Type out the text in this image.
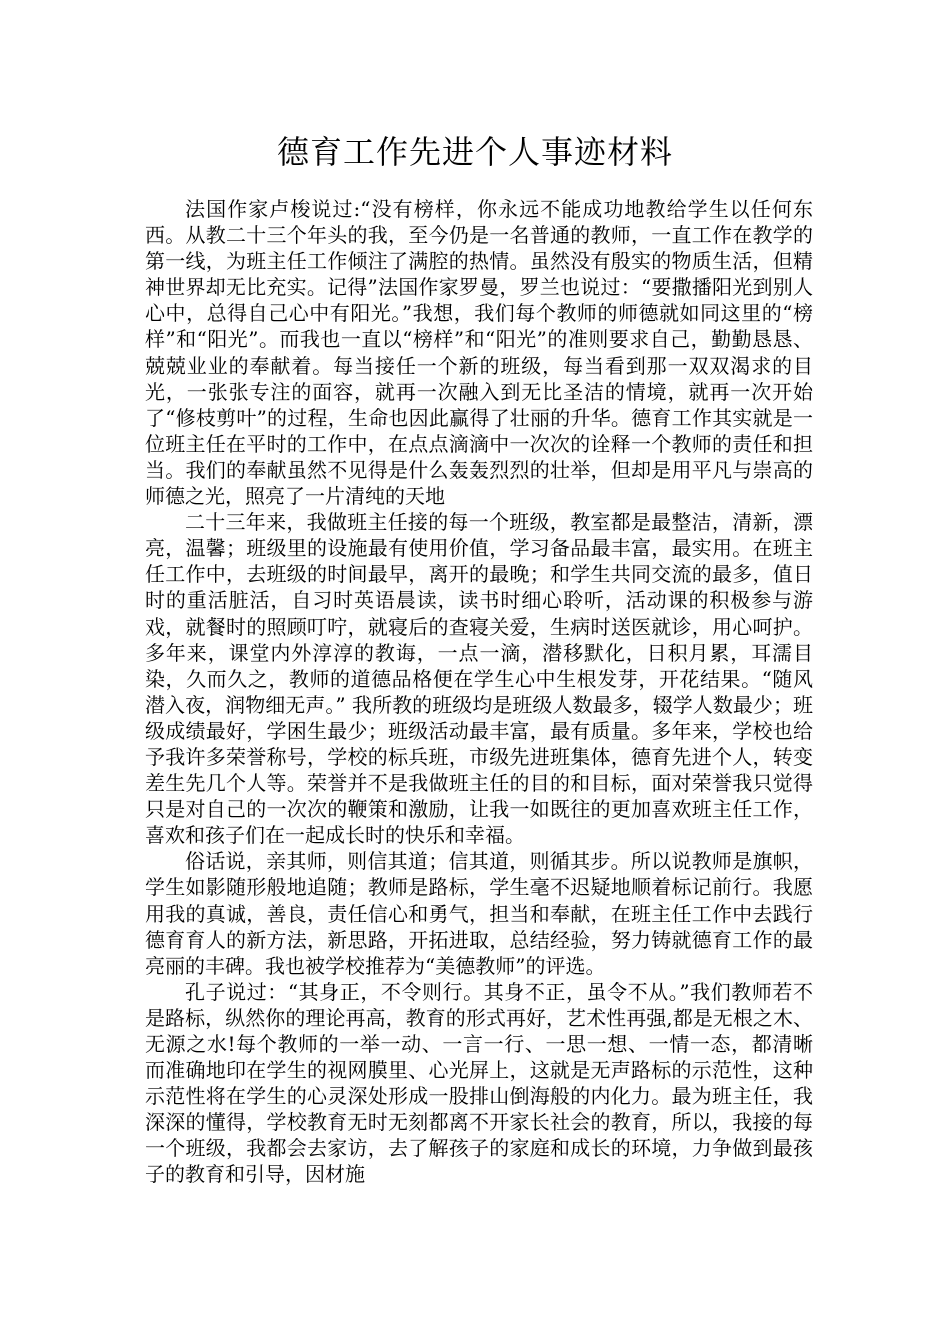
德育工作先进个人事迹材料

法国作家卢梭说过:“没有榜样，你永远不能成功地教给学生以任何东西。从教二十三个年头的我，至今仍是一名普通的教师，一直工作在教学的第一线，为班主任工作倾注了满腔的热情。虽然没有殷实的物质生活，但精神世界却无比充实。记得”法国作家罗曼，罗兰也说过：“要撒播阳光到别人心中，总得自己心中有阳光。”我想，我们每个教师的师德就如同这里的“榜样”和“阳光”。而我也一直以“榜样”和“阳光”的准则要求自己，勤勤恳恳、兢兢业业的奉献着。每当接任一个新的班级，每当看到那一双双渴求的目光，一张张专注的面容，就再一次融入到无比圣洁的情境，就再一次开始了“修枝剪叶”的过程，生命也因此赢得了壮丽的升华。德育工作其实就是一位班主任在平时的工作中，在点点滴滴中一次次的诠释一个教师的责任和担当。我们的奉献虽然不见得是什么轰轰烈烈的壮举，但却是用平凡与崇高的师德之光，照亮了一片清纯的天地

二十三年来，我做班主任接的每一个班级，教室都是最整洁，清新，漂亮，温馨；班级里的设施最有使用价值，学习备品最丰富，最实用。在班主任工作中，去班级的时间最早，离开的最晚；和学生共同交流的最多，值日时的重活脏活，自习时英语晨读，读书时细心聆听，活动课的积极参与游戏，就餐时的照顾叮咛，就寝后的查寝关爱，生病时送医就诊，用心呵护。多年来，课堂内外淳淳的教诲，一点一滴，潜移默化，日积月累，耳濡目染，久而久之，教师的道德品格便在学生心中生根发芽，开花结果。“随风潜入夜，润物细无声。” 我所教的班级均是班级人数最多，辍学人数最少；班级成绩最好，学困生最少；班级活动最丰富，最有质量。多年来，学校也给予我许多荣誉称号，学校的标兵班，市级先进班集体，德育先进个人，转变差生先几个人等。荣誉并不是我做班主任的目的和目标，面对荣誉我只觉得只是对自己的一次次的鞭策和激励，让我一如既往的更加喜欢班主任工作，喜欢和孩子们在一起成长时的快乐和幸福。

俗话说，亲其师，则信其道；信其道，则循其步。所以说教师是旗帜，学生如影随形般地追随；教师是路标，学生毫不迟疑地顺着标记前行。我愿用我的真诚，善良，责任信心和勇气，担当和奉献，在班主任工作中去践行德育育人的新方法，新思路，开拓进取，总结经验，努力铸就德育工作的最亮丽的丰碑。我也被学校推荐为“美德教师”的评选。

孔子说过：“其身正，不令则行。其身不正，虽令不从。”我们教师若不是路标，纵然你的理论再高，教育的形式再好，艺术性再强,都是无根之木、无源之水!每个教师的一举一动、一言一行、一思一想、一情一态，都清晰而准确地印在学生的视网膜里、心光屏上，这就是无声路标的示范性，这种示范性将在学生的心灵深处形成一股排山倒海般的内化力。最为班主任，我深深的懂得，学校教育无时无刻都离不开家长社会的教育，所以，我接的每一个班级，我都会去家访，去了解孩子的家庭和成长的环境，力争做到最孩子的教育和引导，因材施
